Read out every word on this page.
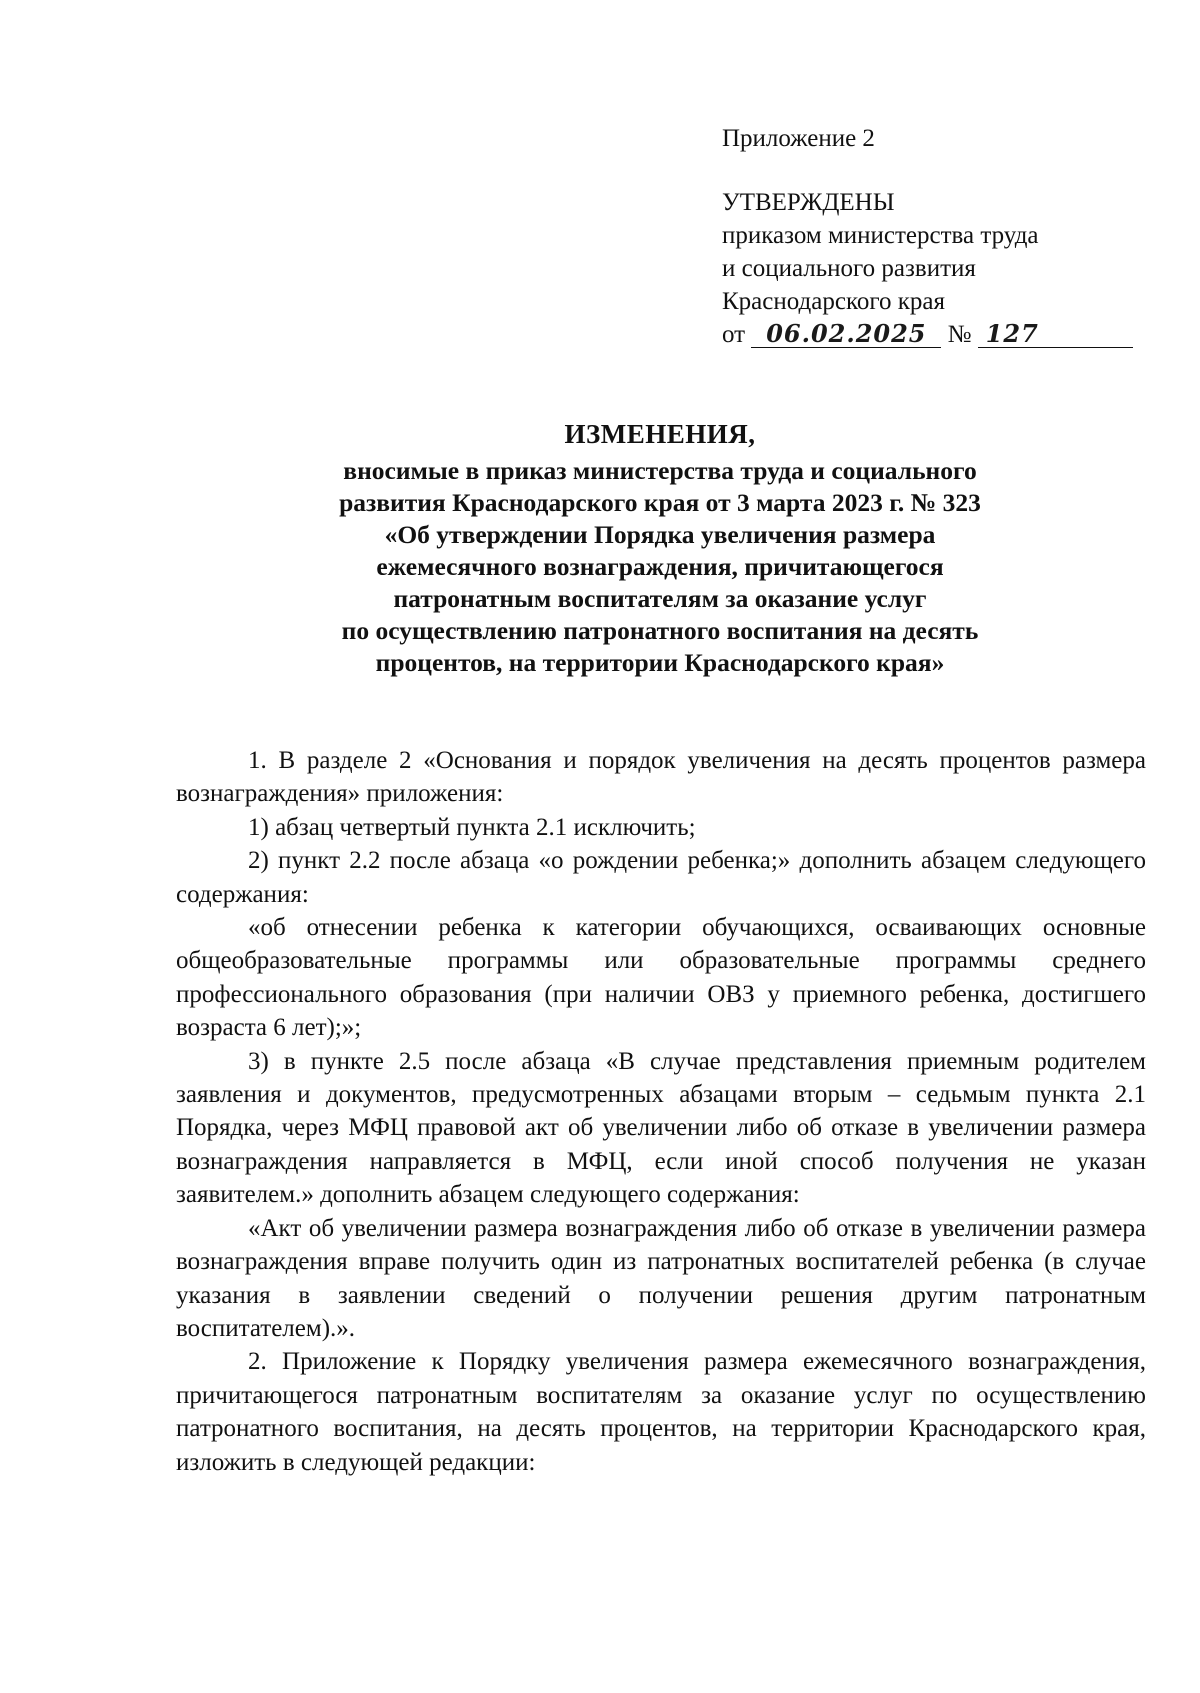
Приложение 2
УТВЕРЖДЕНЫ
приказом министерства труда
и социального развития
Краснодарского края
от 06.02.2025 № 127
ИЗМЕНЕНИЯ,
вносимые в приказ министерства труда и социального
развития Краснодарского края от 3 марта 2023 г. № 323
«Об утверждении Порядка увеличения размера
ежемесячного вознаграждения, причитающегося
патронатным воспитателям за оказание услуг
по осуществлению патронатного воспитания на десять
процентов, на территории Краснодарского края»

1. В разделе 2 «Основания и порядок увеличения на десять процентов размера вознаграждения» приложения:

1) абзац четвертый пункта 2.1 исключить;

2) пункт 2.2 после абзаца «о рождении ребенка;» дополнить абзацем следующего содержания:

«об отнесении ребенка к категории обучающихся, осваивающих основные общеобразовательные программы или образовательные программы среднего профессионального образования (при наличии ОВЗ у приемного ребенка, достигшего возраста 6 лет);»;

3) в пункте 2.5 после абзаца «В случае представления приемным родителем заявления и документов, предусмотренных абзацами вторым – седьмым пункта 2.1 Порядка, через МФЦ правовой акт об увеличении либо об отказе в увеличении размера вознаграждения направляется в МФЦ, если иной способ получения не указан заявителем.» дополнить абзацем следующего содержания:

«Акт об увеличении размера вознаграждения либо об отказе в увеличении размера вознаграждения вправе получить один из патронатных воспитателей ребенка (в случае указания в заявлении сведений о получении решения другим патронатным воспитателем).».

2. Приложение к Порядку увеличения размера ежемесячного вознаграждения, причитающегося патронатным воспитателям за оказание услуг по осуществлению патронатного воспитания, на десять процентов, на территории Краснодарского края, изложить в следующей редакции:
